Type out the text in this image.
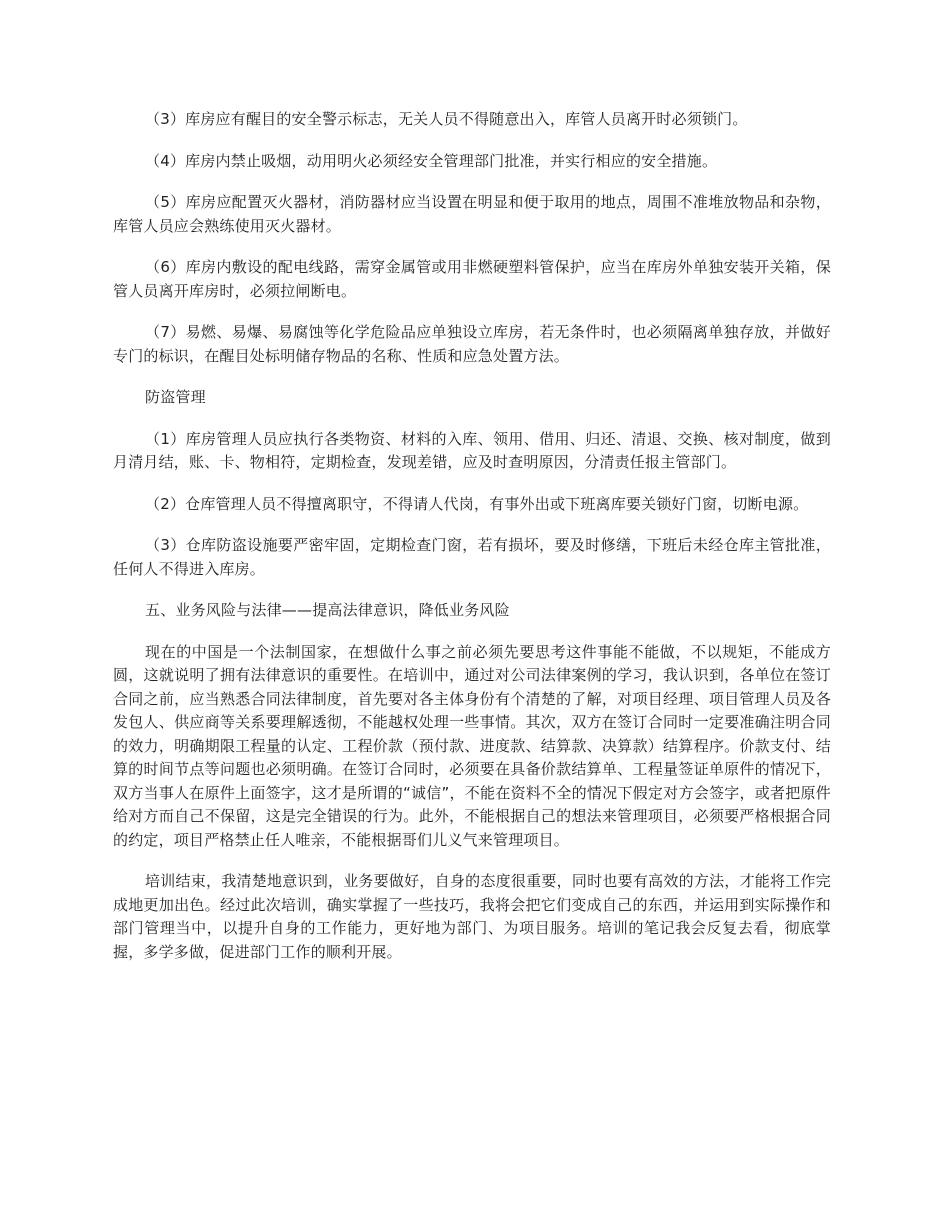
（3）库房应有醒目的安全警示标志，无关人员不得随意出入，库管人员离开时必须锁门。

（4）库房内禁止吸烟，动用明火必须经安全管理部门批准，并实行相应的安全措施。

（5）库房应配置灭火器材，消防器材应当设置在明显和便于取用的地点，周围不准堆放物品和杂物，库管人员应会熟练使用灭火器材。

（6）库房内敷设的配电线路，需穿金属管或用非燃硬塑料管保护，应当在库房外单独安装开关箱，保管人员离开库房时，必须拉闸断电。

（7）易燃、易爆、易腐蚀等化学危险品应单独设立库房，若无条件时，也必须隔离单独存放，并做好专门的标识，在醒目处标明储存物品的名称、性质和应急处置方法。

防盗管理

（1）库房管理人员应执行各类物资、材料的入库、领用、借用、归还、清退、交换、核对制度，做到月清月结，账、卡、物相符，定期检查，发现差错，应及时查明原因，分清责任报主管部门。

（2）仓库管理人员不得擅离职守，不得请人代岗，有事外出或下班离库要关锁好门窗，切断电源。

（3）仓库防盗设施要严密牢固，定期检查门窗，若有损坏，要及时修缮，下班后未经仓库主管批准，任何人不得进入库房。

五、业务风险与法律——提高法律意识，降低业务风险

现在的中国是一个法制国家，在想做什么事之前必须先要思考这件事能不能做，不以规矩，不能成方圆，这就说明了拥有法律意识的重要性。在培训中，通过对公司法律案例的学习，我认识到，各单位在签订合同之前，应当熟悉合同法律制度，首先要对各主体身份有个清楚的了解，对项目经理、项目管理人员及各发包人、供应商等关系要理解透彻，不能越权处理一些事情。其次，双方在签订合同时一定要准确注明合同的效力，明确期限工程量的认定、工程价款（预付款、进度款、结算款、决算款）结算程序。价款支付、结算的时间节点等问题也必须明确。在签订合同时，必须要在具备价款结算单、工程量签证单原件的情况下，双方当事人在原件上面签字，这才是所谓的“诚信”，不能在资料不全的情况下假定对方会签字，或者把原件给对方而自己不保留，这是完全错误的行为。此外，不能根据自己的想法来管理项目，必须要严格根据合同的约定，项目严格禁止任人唯亲，不能根据哥们儿义气来管理项目。

培训结束，我清楚地意识到，业务要做好，自身的态度很重要，同时也要有高效的方法，才能将工作完成地更加出色。经过此次培训，确实掌握了一些技巧，我将会把它们变成自己的东西，并运用到实际操作和部门管理当中，以提升自身的工作能力，更好地为部门、为项目服务。培训的笔记我会反复去看，彻底掌握，多学多做，促进部门工作的顺利开展。
